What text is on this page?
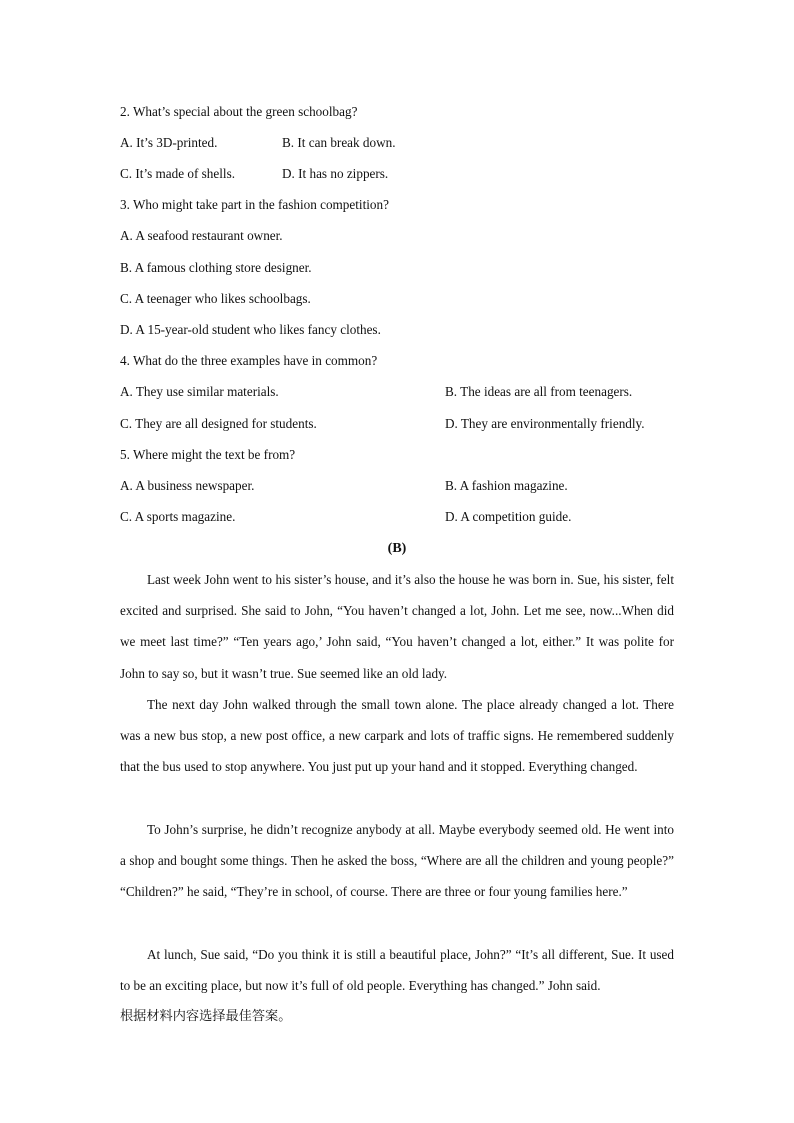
2. What’s special about the green schoolbag?
A. It’s 3D-printed.	B. It can break down.
C. It’s made of shells.	D. It has no zippers.
3. Who might take part in the fashion competition?
A. A seafood restaurant owner.
B. A famous clothing store designer.
C. A teenager who likes schoolbags.
D. A 15-year-old student who likes fancy clothes.
4. What do the three examples have in common?
A. They use similar materials.	B. The ideas are all from teenagers.
C. They are all designed for students.	D. They are environmentally friendly.
5. Where might the text be from?
A. A business newspaper.	B. A fashion magazine.
C. A sports magazine.	D. A competition guide.
(B)

Last week John went to his sister’s house, and it’s also the house he was born in. Sue, his sister, felt excited and surprised. She said to John, “You haven’t changed a lot, John. Let me see, now...When did we meet last time?” “Ten years ago,’ John said, “You haven’t changed a lot, either.” It was polite for John to say so, but it wasn’t true. Sue seemed like an old lady.

The next day John walked through the small town alone. The place already changed a lot. There was a new bus stop, a new post office, a new carpark and lots of traffic signs. He remembered suddenly that the bus used to stop anywhere. You just put up your hand and it stopped. Everything changed.

To John’s surprise, he didn’t recognize anybody at all. Maybe everybody seemed old. He went into a shop and bought some things. Then he asked the boss, “Where are all the children and young people?” “Children?” he said, “They’re in school, of course. There are three or four young families here.”

At lunch, Sue said, “Do you think it is still a beautiful place, John?” “It’s all different, Sue. It used to be an exciting place, but now it’s full of old people. Everything has changed.” John said.

根据材料内容选择最佳答案。
